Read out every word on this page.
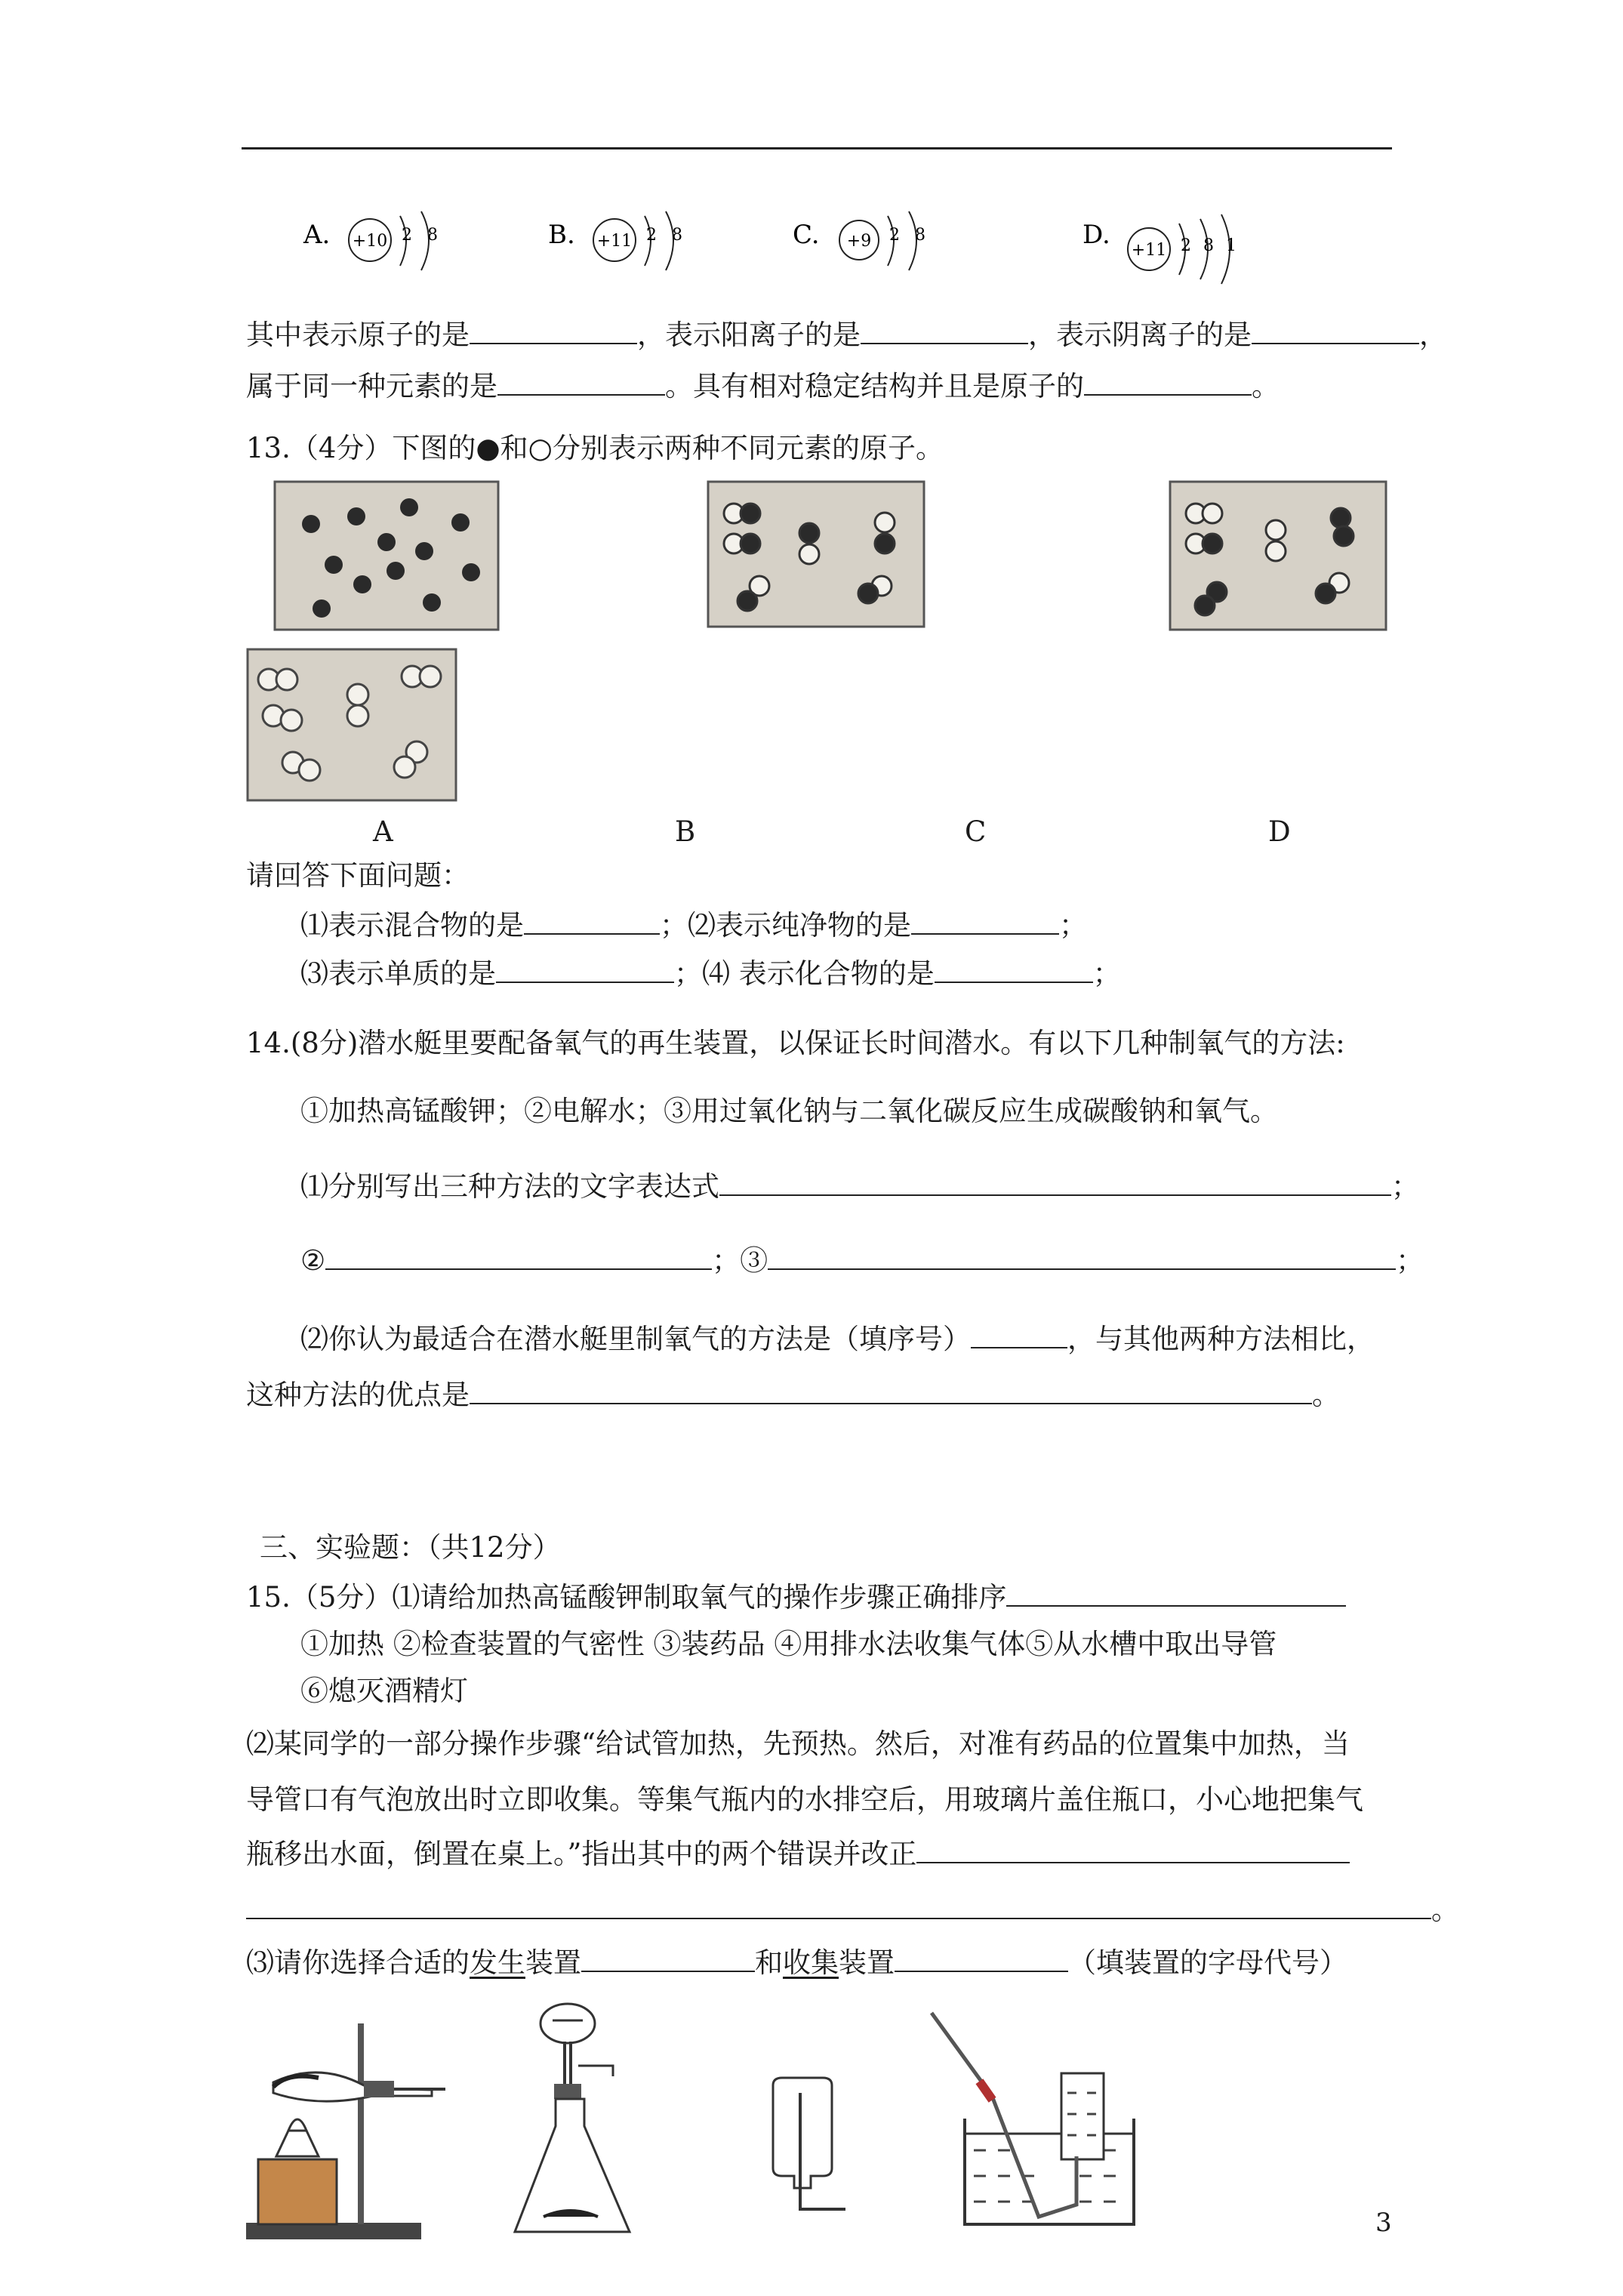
A. +10 2 8	B. +11 2 8	C. +9 2 8	D.
+11 2 8 1
其中表示原子的是	，表示阳离子的是	，表示阴离子的是	，
属于同一种元素的是	。具有相对稳定结构并且是原子的	。
13.（4分）下图的●和○分别表示两种不同元素的原子。
A	B	C	D
请回答下面问题：
⑴表示混合物的是	；⑵表示纯净物的是	；
⑶表示单质的是	；⑷ 表示化合物的是	；
14.(8分)潜水艇里要配备氧气的再生装置，以保证长时间潜水。有以下几种制氧气的方法:
①加热高锰酸钾；②电解水；③用过氧化钠与二氧化碳反应生成碳酸钠和氧气。
⑴分别写出三种方法的文字表达式	；
②	；③	；
⑵你认为最适合在潜水艇里制氧气的方法是（填序号）	，与其他两种方法相比，
这种方法的优点是	。
三、实验题：（共12分）
15.（5分）⑴请给加热高锰酸钾制取氧气的操作步骤正确排序
①加热 ②检查装置的气密性 ③装药品 ④用排水法收集气体⑤从水槽中取出导管
⑥熄灭酒精灯
⑵某同学的一部分操作步骤“给试管加热，先预热。然后，对准有药品的位置集中加热，当
导管口有气泡放出时立即收集。等集气瓶内的水排空后，用玻璃片盖住瓶口，小心地把集气
瓶移出水面，倒置在桌上。”指出其中的两个错误并改正
。
⑶请你选择合适的发生装置	和收集装置	（填装置的字母代号）
3
